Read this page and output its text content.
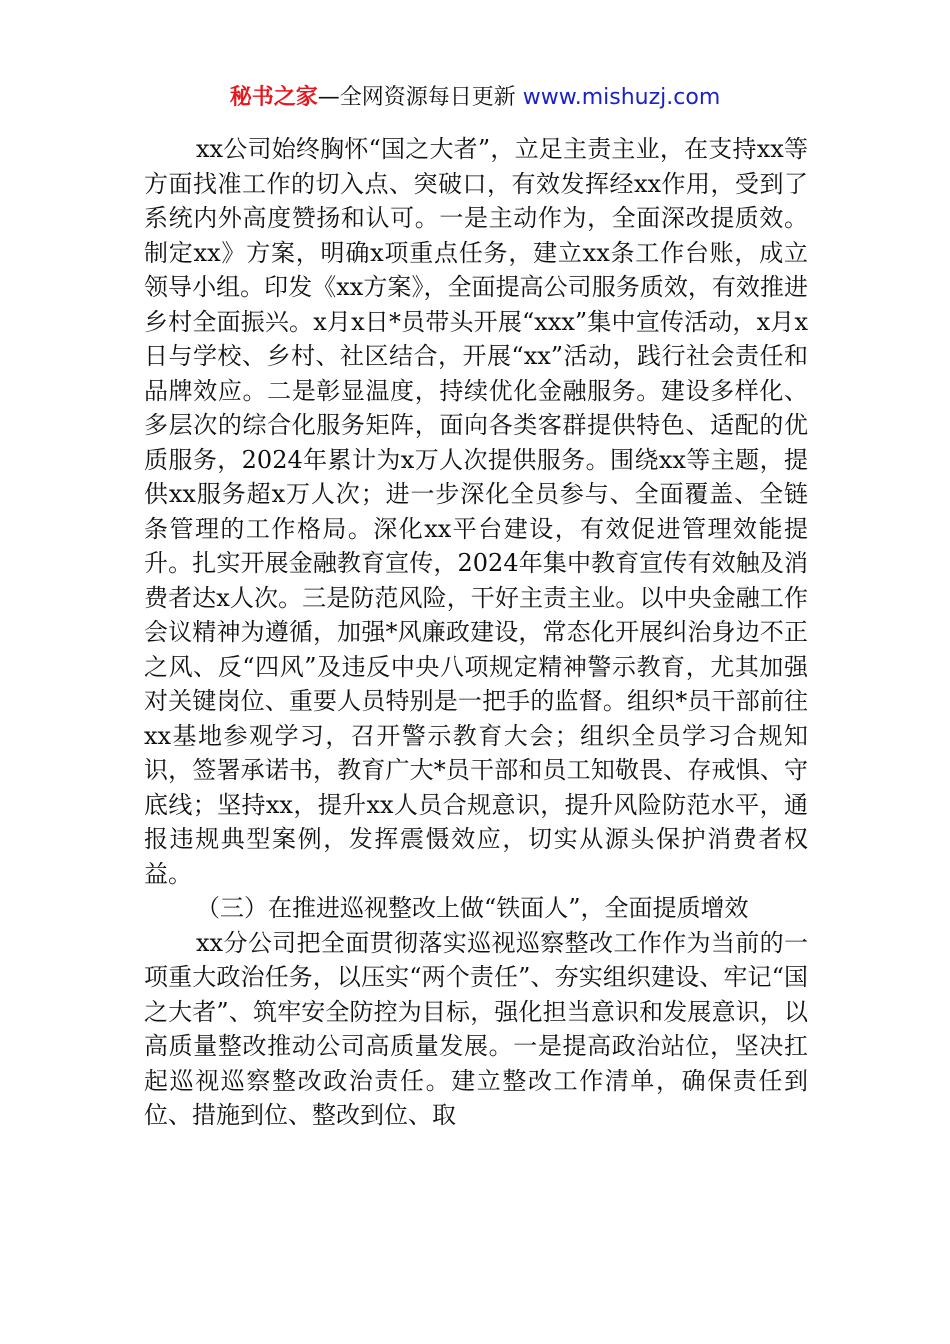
秘书之家—全网资源每日更新 www.mishuzj.com

xx公司始终胸怀“国之大者”，立足主责主业，在支持xx等方面找准工作的切入点、突破口，有效发挥经xx作用，受到了系统内外高度赞扬和认可。一是主动作为，全面深改提质效。制定xx》方案，明确x项重点任务，建立xx条工作台账，成立领导小组。印发《xx方案》，全面提高公司服务质效，有效推进乡村全面振兴。x月x日*员带头开展“xxx”集中宣传活动，x月x日与学校、乡村、社区结合，开展“xx”活动，践行社会责任和品牌效应。二是彰显温度，持续优化金融服务。建设多样化、多层次的综合化服务矩阵，面向各类客群提供特色、适配的优质服务，2024年累计为x万人次提供服务。围绕xx等主题，提供xx服务超x万人次；进一步深化全员参与、全面覆盖、全链条管理的工作格局。深化xx平台建设，有效促进管理效能提升。扎实开展金融教育宣传，2024年集中教育宣传有效触及消费者达x人次。三是防范风险，干好主责主业。以中央金融工作会议精神为遵循，加强*风廉政建设，常态化开展纠治身边不正之风、反“四风”及违反中央八项规定精神警示教育，尤其加强对关键岗位、重要人员特别是一把手的监督。组织*员干部前往xx基地参观学习，召开警示教育大会；组织全员学习合规知识，签署承诺书，教育广大*员干部和员工知敬畏、存戒惧、守底线；坚持xx，提升xx人员合规意识，提升风险防范水平，通报违规典型案例，发挥震慑效应，切实从源头保护消费者权益。

（三）在推进巡视整改上做“铁面人”，全面提质增效

xx分公司把全面贯彻落实巡视巡察整改工作作为当前的一项重大政治任务，以压实“两个责任”、夯实组织建设、牢记“国之大者”、筑牢安全防控为目标，强化担当意识和发展意识，以高质量整改推动公司高质量发展。一是提高政治站位，坚决扛起巡视巡察整改政治责任。建立整改工作清单，确保责任到位、措施到位、整改到位、取
